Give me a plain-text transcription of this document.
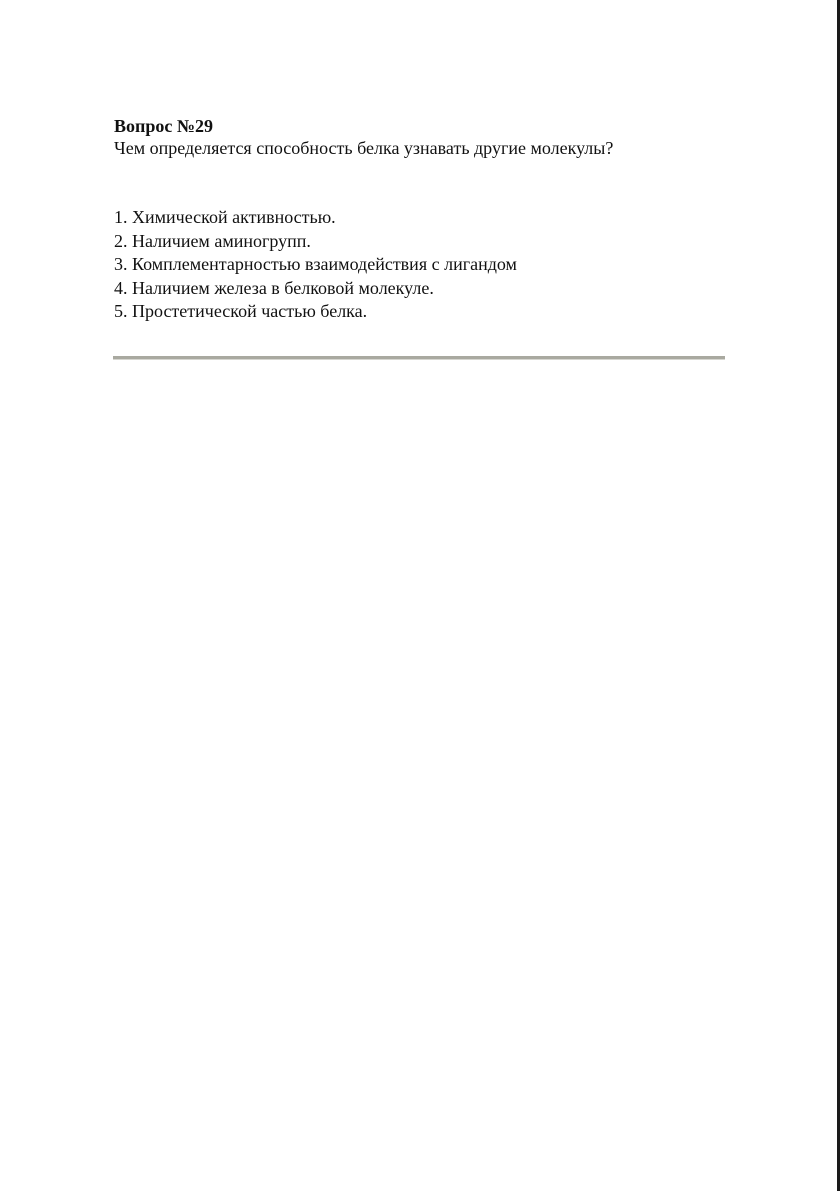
Вопрос №29

Чем определяется способность белка узнавать другие молекулы?

1. Химической активностью.
2. Наличием аминогрупп.
3. Комплементарностью взаимодействия с лигандом
4. Наличием железа в белковой молекуле.
5. Простетической частью белка.
